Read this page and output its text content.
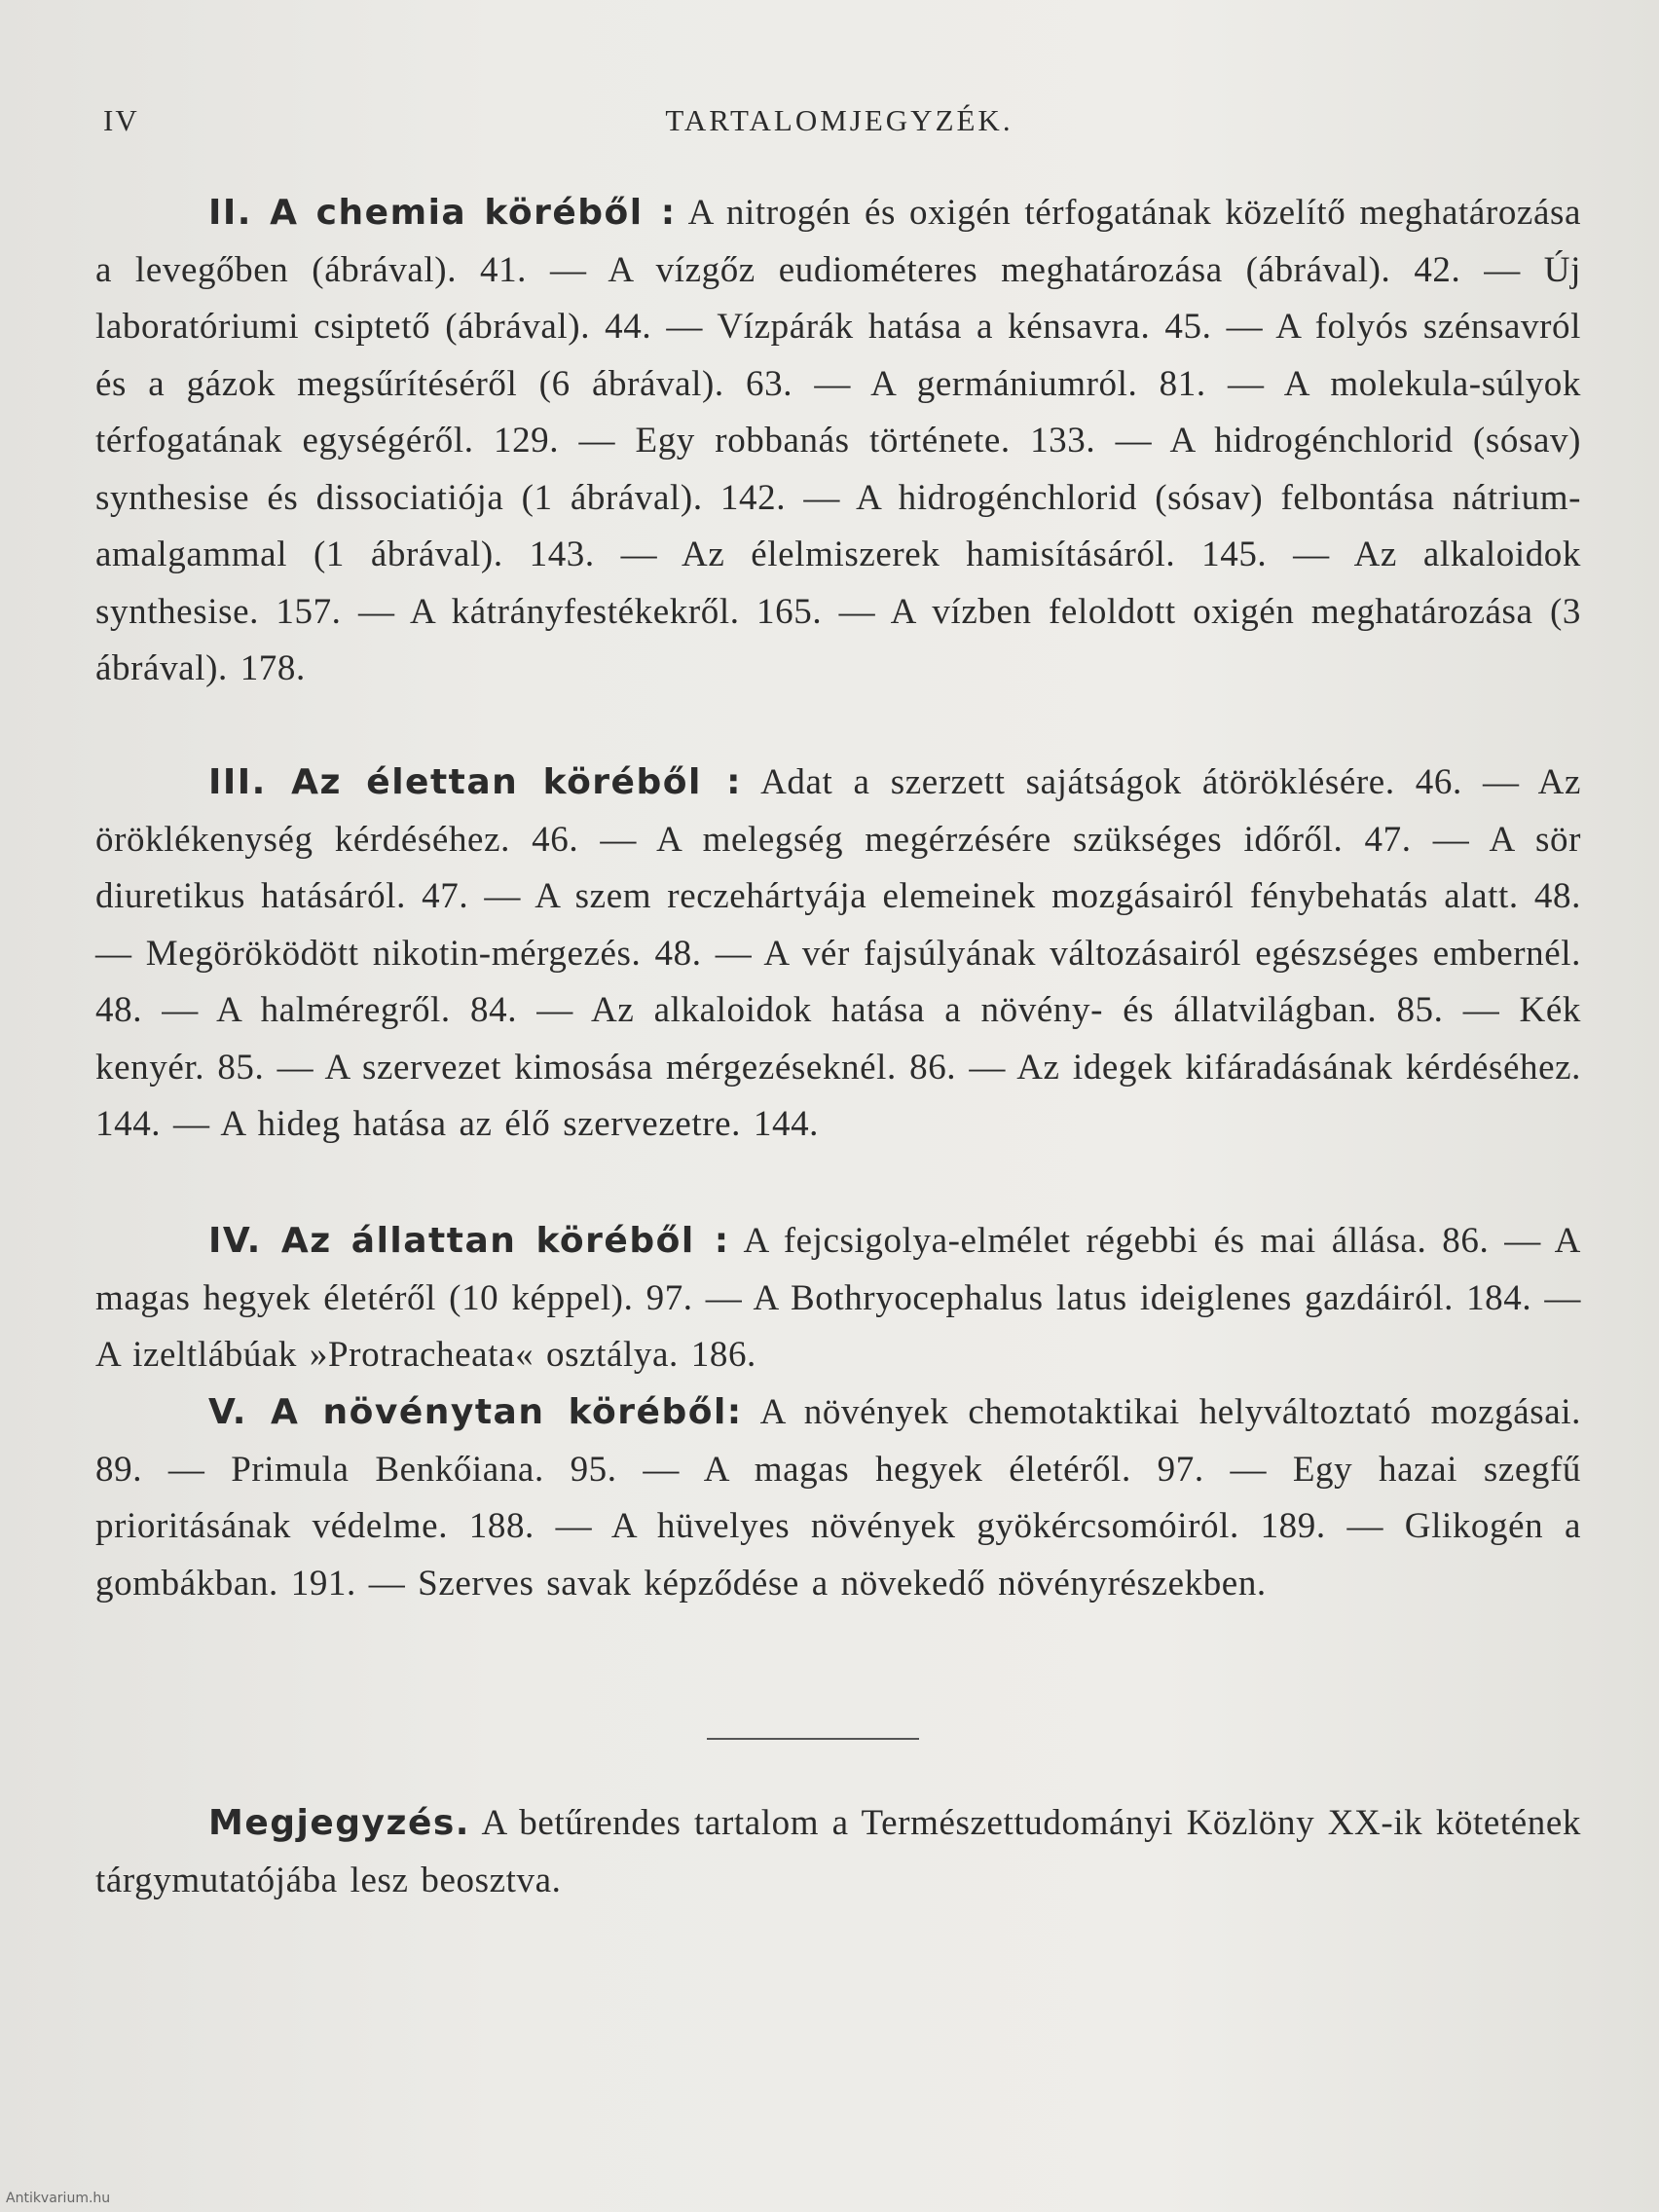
IV	TARTALOMJEGYZÉK.

II. A chemia köréből : A nitrogén és oxigén térfogatának közelítő meghatározása a levegőben (ábrával). 41. — A vízgőz eudiométeres meghatározása (ábrával). 42. — Új laboratóriumi csiptető (ábrával). 44. — Vízpárák hatása a kénsavra. 45. — A folyós szénsavról és a gázok megsűrítéséről (6 ábrával). 63. — A germániumról. 81. — A molekula-súlyok térfogatának egységéről. 129. — Egy robbanás története. 133. — A hidrogénchlorid (sósav) synthesise és dissociatiója (1 ábrával). 142. — A hidrogénchlorid (sósav) felbontása nátrium-amalgammal (1 ábrával). 143. — Az élelmiszerek hamisításáról. 145. — Az alkaloidok synthesise. 157. — A kátrányfestékekről. 165. — A vízben feloldott oxigén meghatározása (3 ábrával). 178.

III. Az élettan köréből : Adat a szerzett sajátságok átöröklésére. 46. — Az öröklékenység kérdéséhez. 46. — A melegség megérzésére szükséges időről. 47. — A sör diuretikus hatásáról. 47. — A szem reczehártyája elemeinek mozgásairól fénybehatás alatt. 48. — Megöröködött nikotin-mérgezés. 48. — A vér fajsúlyának változásairól egészséges embernél. 48. — A halméregről. 84. — Az alkaloidok hatása a növény- és állatvilágban. 85. — Kék kenyér. 85. — A szervezet kimosása mérgezéseknél. 86. — Az idegek kifáradásának kérdéséhez. 144. — A hideg hatása az élő szervezetre. 144.

IV. Az állattan köréből : A fejcsigolya-elmélet régebbi és mai állása. 86. — A magas hegyek életéről (10 képpel). 97. — A Bothryocephalus latus ideiglenes gazdáiról. 184. — A izeltlábúak »Protracheata« osztálya. 186.

V. A növénytan köréből: A növények chemotaktikai helyváltoztató mozgásai. 89. — Primula Benkőiana. 95. — A magas hegyek életéről. 97. — Egy hazai szegfű prioritásának védelme. 188. — A hüvelyes növények gyökércsomóiról. 189. — Glikogén a gombákban. 191. — Szerves savak képződése a növekedő növényrészekben.

Megjegyzés. A betűrendes tartalom a Természettudományi Közlöny XX-ik kötetének tárgymutatójába lesz beosztva.

Antikvarium.hu
